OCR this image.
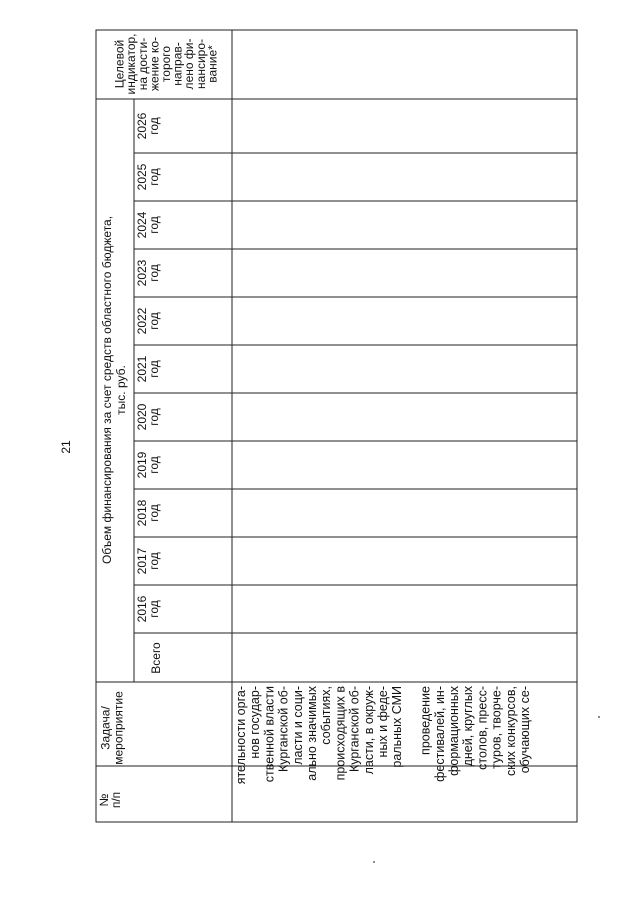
21
Целевой
индикатор,
на дости-
жение ко-
торого
направ-
лено фи-
нансиро-
вание*
Объем финансирования за счет средств областного бюджета, тыс. руб.
Всего
Задача/ мероприятие
№
п/п
2016
год
2017
год
2018
год
2019
год
2020
год
2021
год
2022
год
2023
год
2024
год
2025
год
2026
год
ятельности орга- нов государ- ственной власти Курганской об- ласти и соци- ально значимых событиях, происходящих в Курганской об- ласти, в окруж- ных и феде- ральных СМИ проведение фестивалей, ин- формационных дней, круглых столов, пресс- туров, творче- ских конкурсов, обучающих се-
